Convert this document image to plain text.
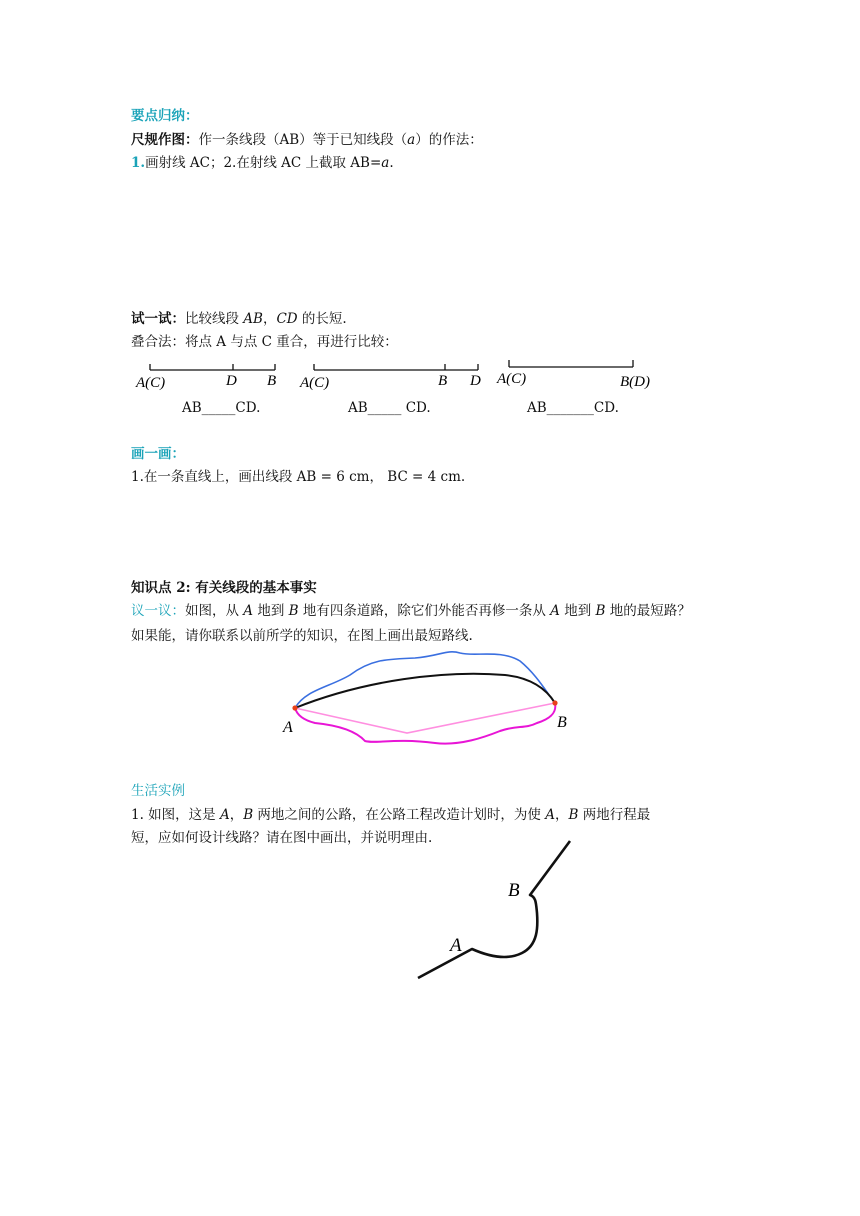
要点归纳：
尺规作图：作一条线段（AB）等于已知线段（a）的作法：
1.画射线 AC；2.在射线 AC 上截取 AB=a.
试一试：比较线段 AB，CD 的长短.
叠合法：将点 A 与点 C 重合，再进行比较：
A(C)	D B A(C)	B D A(C)	B(D)
AB_____CD.	AB_____ CD.	AB_______CD.
画一画：
1.在一条直线上，画出线段 AB = 6 cm， BC = 4 cm.
知识点 2: 有关线段的基本事实
议一议：如图，从 A 地到 B 地有四条道路，除它们外能否再修一条从 A 地到 B 地的最短路？
如果能，请你联系以前所学的知识，在图上画出最短路线.
A	B
生活实例
1. 如图，这是 A，B 两地之间的公路，在公路工程改造计划时，为使 A，B 两地行程最
短，应如何设计线路？请在图中画出，并说明理由.
A
B
